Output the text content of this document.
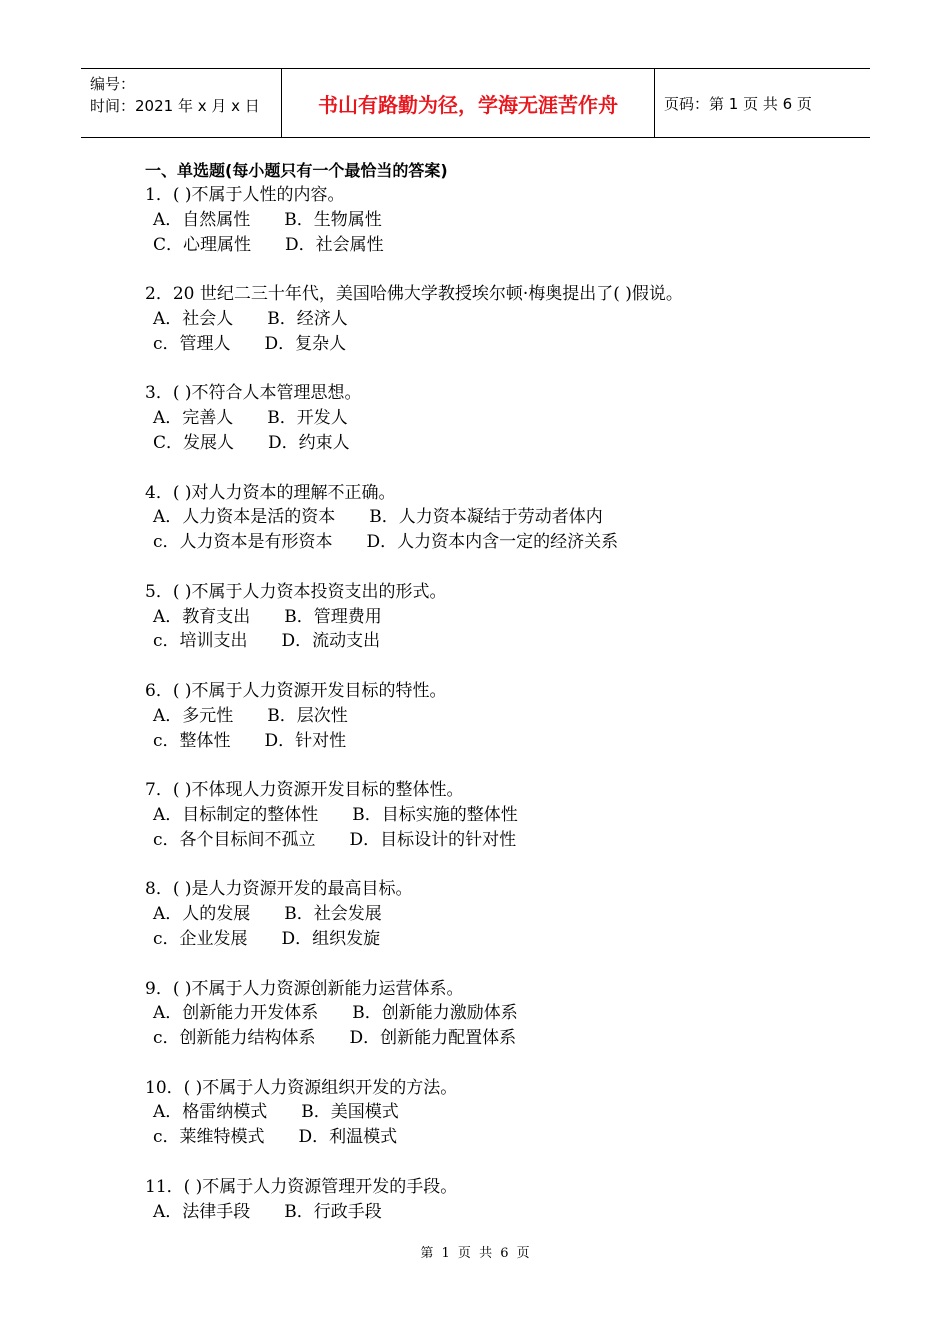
编号：
时间：2021 年 x 月 x 日	书山有路勤为径，学海无涯苦作舟	页码：第 1 页 共 6 页
一、单选题(每小题只有一个最恰当的答案)
1．( )不属于人性的内容。
A．自然属性 B．生物属性
C．心理属性 D．社会属性
2．20 世纪二三十年代，美国哈佛大学教授埃尔顿·梅奥提出了( )假说。
A．社会人 B．经济人
c．管理人 D．复杂人
3．( )不符合人本管理思想。
A．完善人 B．开发人
C．发展人 D．约束人
4．( )对人力资本的理解不正确。
A．人力资本是活的资本 B．人力资本凝结于劳动者体内
c．人力资本是有形资本 D．人力资本内含一定的经济关系
5．( )不属于人力资本投资支出的形式。
A．教育支出 B．管理费用
c．培训支出 D．流动支出
6．( )不属于人力资源开发目标的特性。
A．多元性 B．层次性
c．整体性 D．针对性
7．( )不体现人力资源开发目标的整体性。
A．目标制定的整体性 B．目标实施的整体性
c．各个目标间不孤立 D．目标设计的针对性
8．( )是人力资源开发的最高目标。
A．人的发展 B．社会发展
c．企业发展 D．组织发旋
9．( )不属于人力资源创新能力运营体系。
A．创新能力开发体系 B．创新能力激励体系
c．创新能力结构体系 D．创新能力配置体系
10．( )不属于人力资源组织开发的方法。
A．格雷纳模式 B．美国模式
c．莱维特模式 D．利温模式
11．( )不属于人力资源管理开发的手段。
A．法律手段 B．行政手段
第 1 页 共 6 页
